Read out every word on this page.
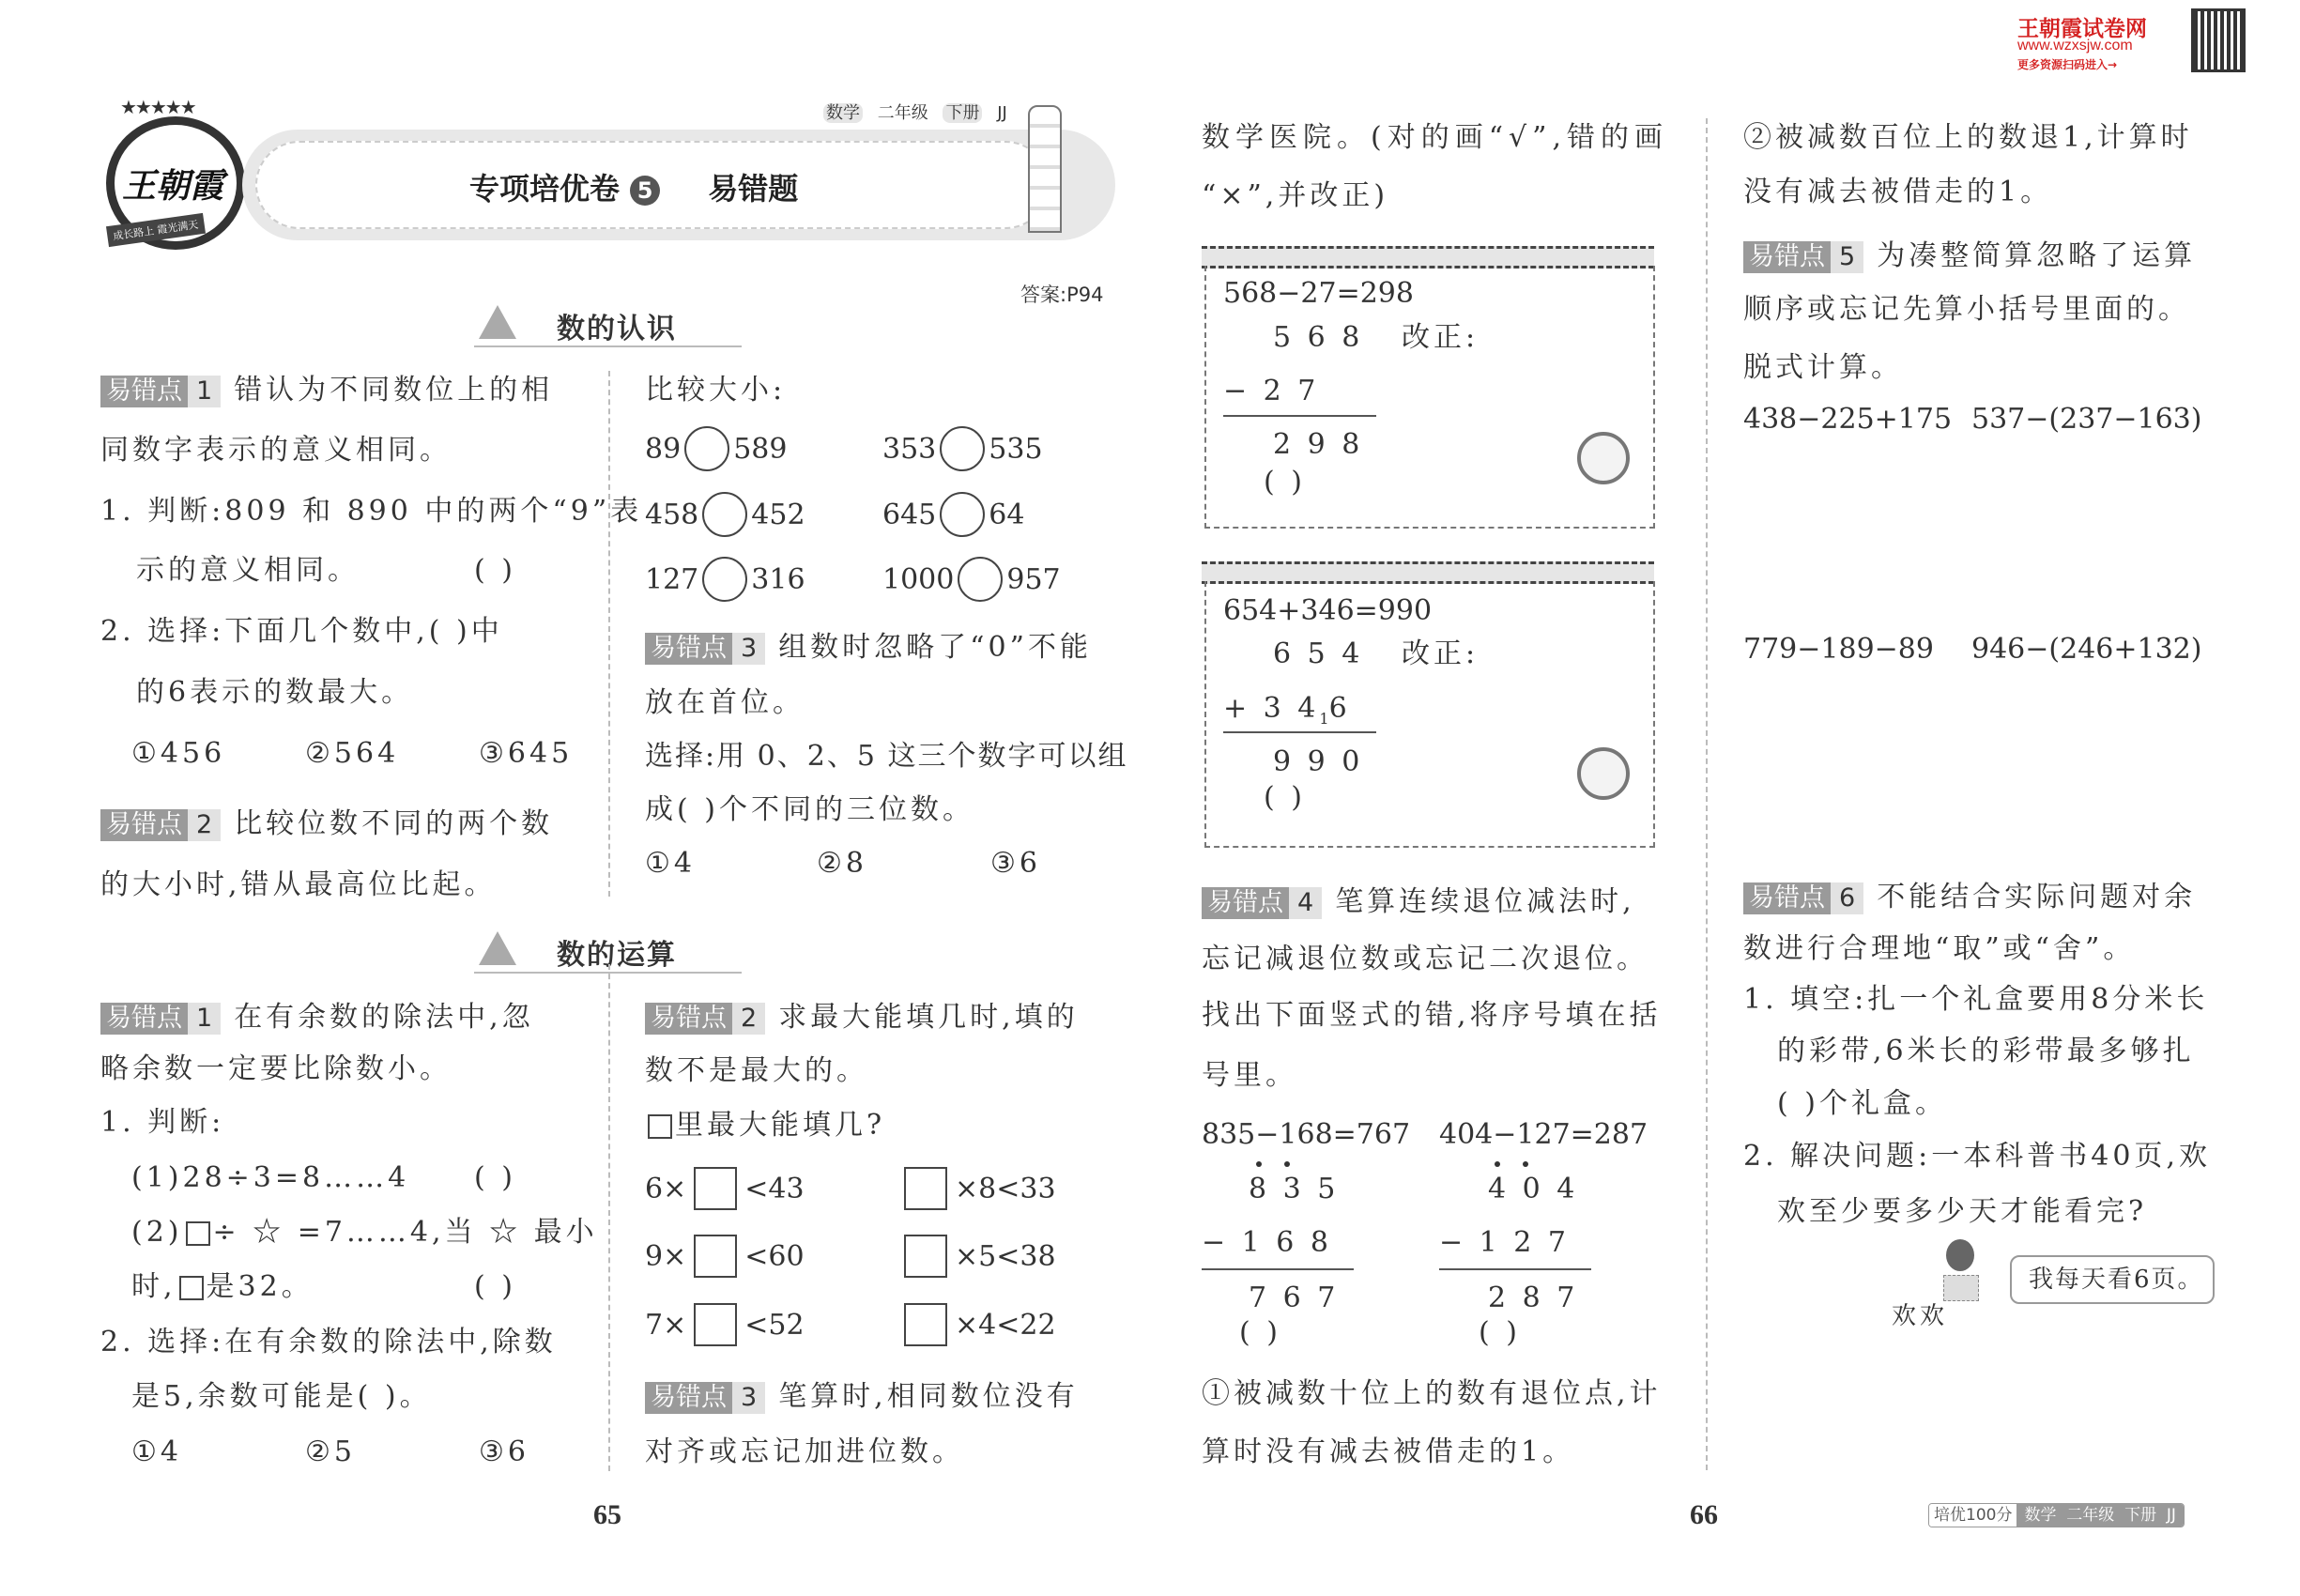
王朝霞试卷网
www.wzxsjw.com
更多资源扫码进入→
★★★★★
王朝霞
成长路上 霞光满天
数学 二年级 下册 JJ
专项培优卷 5 易错题
答案:P94
数的认识
数的运算
易错点 1 错认为不同数位上的相
同数字表示的意义相同。
1. 判断:809 和 890 中的两个“9”表
示的意义相同。	( )
2. 选择:下面几个数中,( )中
的6表示的数最大。
①456	②564	③645
易错点 2 比较位数不同的两个数
的大小时,错从最高位比起。
易错点 1 在有余数的除法中,忽
略余数一定要比除数小。
1. 判断:
(1)28÷3=8……4 ( )
(2) ÷ ☆ =7……4,当 ☆ 最小
时, 是32。	( )
2. 选择:在有余数的除法中,除数
是5,余数可能是( )。
①4	②5	③6
比较大小:
89 589	353 535
458 452	645 64
127 316	1000 957
易错点 3 组数时忽略了“0”不能
放在首位。
选择:用 0、2、5 这三个数字可以组
成( )个不同的三位数。
①4	②8	③6
易错点 2 求最大能填几时,填的
数不是最大的。
里最大能填几?
6× <43	×8<33
9× <60	×5<38
7× <52	×4<22
易错点 3 笔算时,相同数位没有
对齐或忘记加进位数。
数学医院。(对的画“√”,错的画
“×”,并改正)
568−27=298
5 6 8 改正:
− 2 7
2 9 8
( )
654+346=990
6 5 4 改正:
+ 3 $4_16$
9 9 0
( )
易错点 4 笔算连续退位减法时,
忘记减退位数或忘记二次退位。
找出下面竖式的错,将序号填在括
号里。
835−168=767 404−127=287
8 3 5	4 0 4
− 1 6 8	− 1 2 7
7 6 7	2 8 7
( )	( )
①被减数十位上的数有退位点,计
算时没有减去被借走的1。
②被减数百位上的数退1,计算时
没有减去被借走的1。
易错点 5 为凑整简算忽略了运算
顺序或忘记先算小括号里面的。
脱式计算。
438−225+175 537−(237−163)
779−189−89 946−(246+132)
易错点 6 不能结合实际问题对余
数进行合理地“取”或“舍”。
1. 填空:扎一个礼盒要用8分米长
的彩带,6米长的彩带最多够扎
( )个礼盒。
2. 解决问题:一本科普书40页,欢
欢至少要多少天才能看完?
我每天看6页。
欢欢
65	66	培优100分 数学  二年级  下册  JJ
